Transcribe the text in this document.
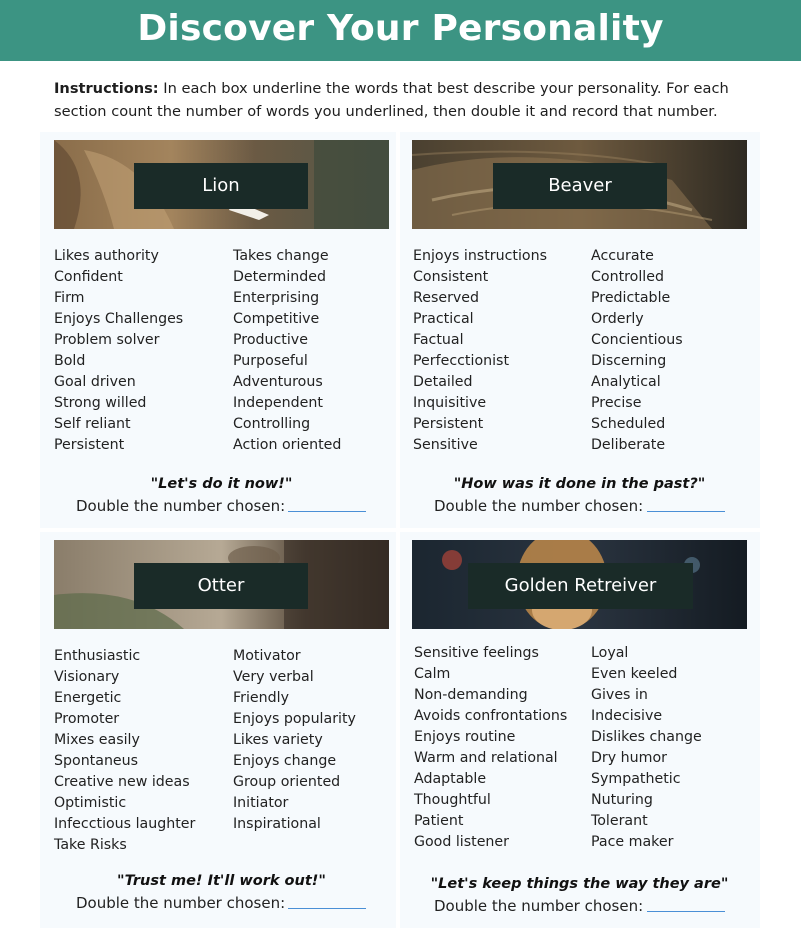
Discover Your Personality

Instructions: In each box underline the words that best describe your personality. For each section count the number of words you underlined, then double it and record that number.

Lion
Likes authority
Confident
Firm
Enjoys Challenges
Problem solver
Bold
Goal driven
Strong willed
Self reliant
Persistent
Takes change
Determinded
Enterprising
Competitive
Productive
Purposeful
Adventurous
Independent
Controlling
Action oriented
"Let's do it now!"
Double the number chosen:
Beaver
Enjoys instructions
Consistent
Reserved
Practical
Factual
Perfecctionist
Detailed
Inquisitive
Persistent
Sensitive
Accurate
Controlled
Predictable
Orderly
Concientious
Discerning
Analytical
Precise
Scheduled
Deliberate
"How was it done in the past?"
Double the number chosen:
Otter
Enthusiastic
Visionary
Energetic
Promoter
Mixes easily
Spontaneus
Creative new ideas
Optimistic
Infecctious laughter
Take Risks
Motivator
Very verbal
Friendly
Enjoys popularity
Likes variety
Enjoys change
Group oriented
Initiator
Inspirational
"Trust me! It'll work out!"
Double the number chosen:
Golden Retreiver
Sensitive feelings
Calm
Non-demanding
Avoids confrontations
Enjoys routine
Warm and relational
Adaptable
Thoughtful
Patient
Good listener
Loyal
Even keeled
Gives in
Indecisive
Dislikes change
Dry humor
Sympathetic
Nuturing
Tolerant
Pace maker
"Let's keep things the way they are"
Double the number chosen:
